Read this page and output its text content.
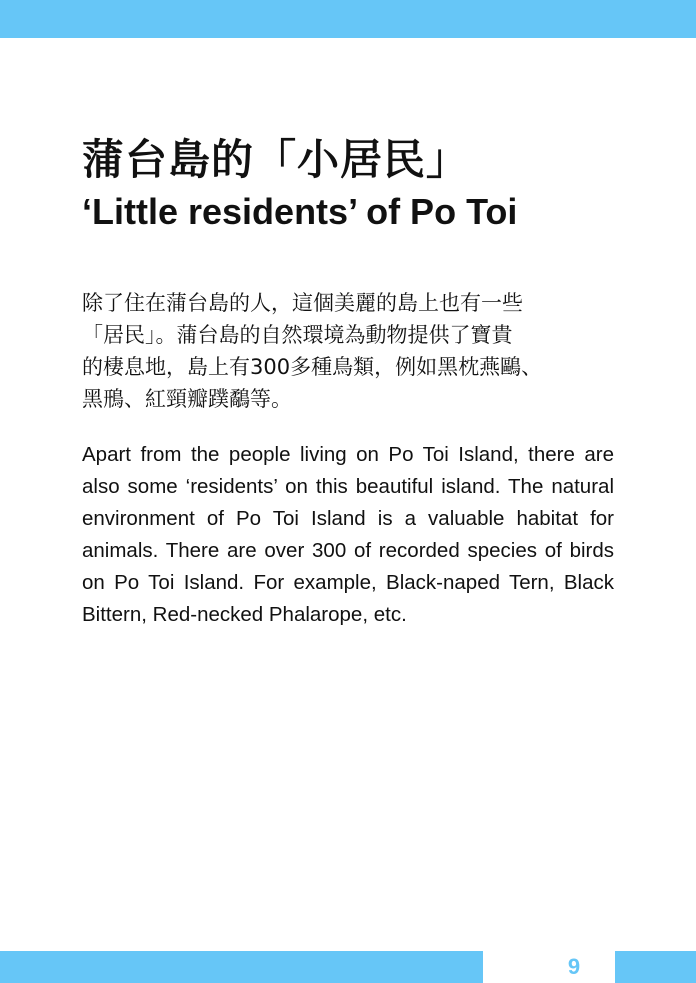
蒲台島的「小居民」
‘Little residents’ of Po Toi

除了住在蒲台島的人，這個美麗的島上也有一些
「居民」。蒲台島的自然環境為動物提供了寶貴
的棲息地，島上有300多種鳥類，例如黑枕燕鷗、
黑鳽、紅頸瓣蹼鷸等。

Apart from the people living on Po Toi Island, there are also some ‘residents’ on this beautiful island. The natural environment of Po Toi Island is a valuable habitat for animals. There are over 300 of recorded species of birds on Po Toi Island. For example, Black-naped Tern, Black Bittern, Red-necked Phalarope, etc.

9
